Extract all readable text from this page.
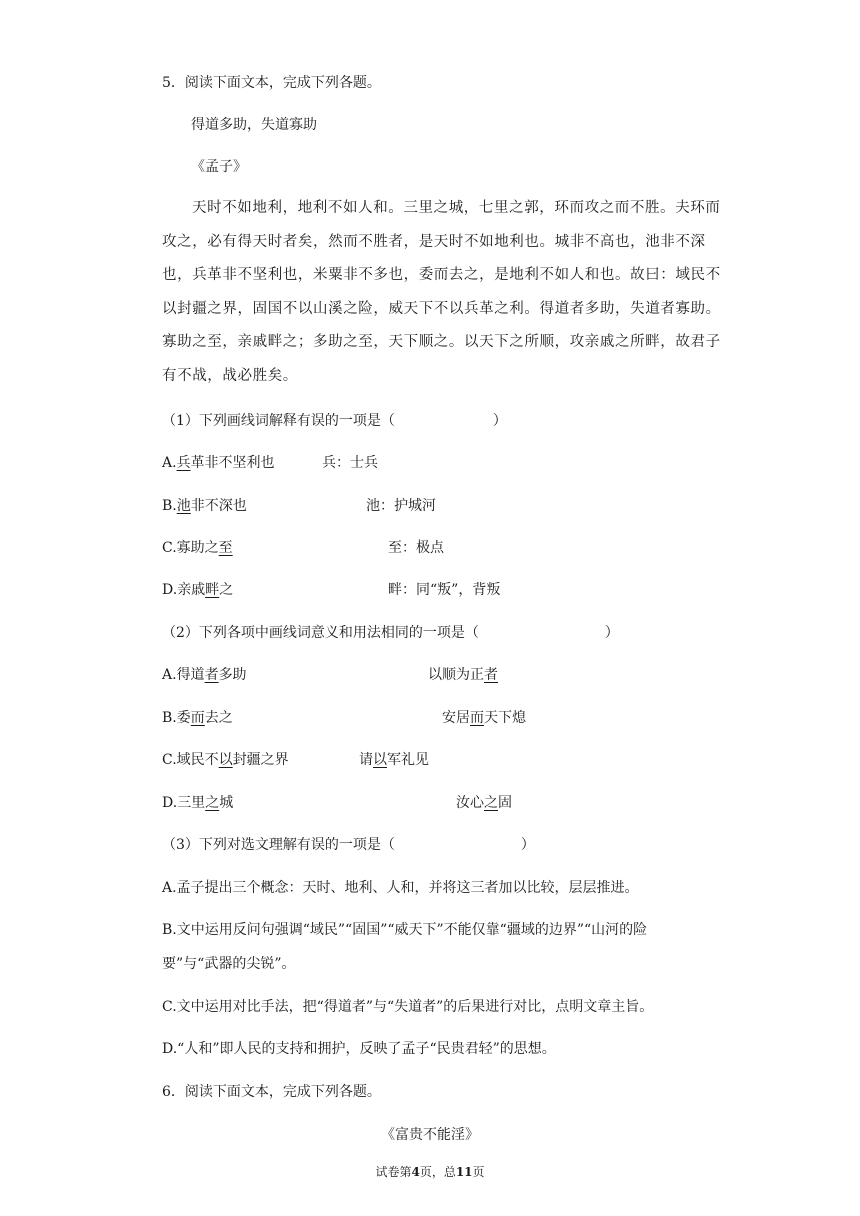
5．阅读下面文本，完成下列各题。
得道多助，失道寡助
《孟子》
天时不如地利，地利不如人和。三里之城，七里之郭，环而攻之而不胜。夫环而攻之，必有得天时者矣，然而不胜者，是天时不如地利也。城非不高也，池非不深也，兵革非不坚利也，米粟非不多也，委而去之，是地利不如人和也。故曰：域民不以封疆之界，固国不以山溪之险，威天下不以兵革之利。得道者多助，失道者寡助。寡助之至，亲戚畔之；多助之至，天下顺之。以天下之所顺，攻亲戚之所畔，故君子有不战，战必胜矣。
（1）下列画线词解释有误的一项是（	）
A.兵革非不坚利也	兵：士兵
B.池非不深也	池：护城河
C.寡助之至	至：极点
D.亲戚畔之	畔：同“叛”，背叛
（2）下列各项中画线词意义和用法相同的一项是（	）
A.得道者多助	以顺为正者
B.委而去之	安居而天下熄
C.域民不以封疆之界	请以军礼见
D.三里之城	汝心之固
（3）下列对选文理解有误的一项是（	）
A.孟子提出三个概念：天时、地利、人和，并将这三者加以比较，层层推进。
B.文中运用反问句强调“域民”“固国”“威天下”不能仅靠“疆域的边界”“山河的险
要”与“武器的尖锐”。
C.文中运用对比手法，把“得道者”与“失道者”的后果进行对比，点明文章主旨。
D.“人和”即人民的支持和拥护，反映了孟子“民贵君轻”的思想。
6．阅读下面文本，完成下列各题。
《富贵不能淫》
试卷第4页，总11页
